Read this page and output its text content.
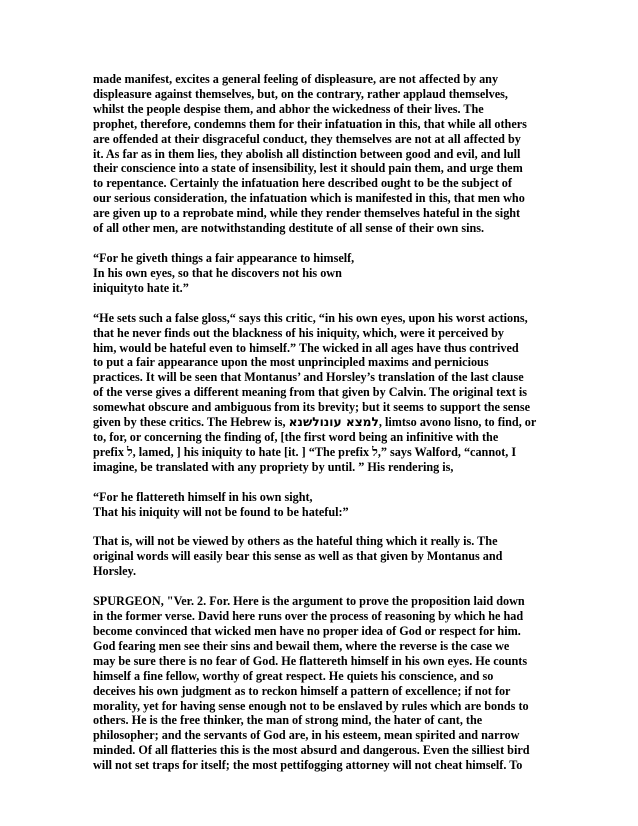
made manifest, excites a general feeling of displeasure, are not affected by any
displeasure against themselves, but, on the contrary, rather applaud themselves,
whilst the people despise them, and abhor the wickedness of their lives. The
prophet, therefore, condemns them for their infatuation in this, that while all others
are offended at their disgraceful conduct, they themselves are not at all affected by
it. As far as in them lies, they abolish all distinction between good and evil, and lull
their conscience into a state of insensibility, lest it should pain them, and urge them
to repentance. Certainly the infatuation here described ought to be the subject of
our serious consideration, the infatuation which is manifested in this, that men who
are given up to a reprobate mind, while they render themselves hateful in the sight
of all other men, are notwithstanding destitute of all sense of their own sins.
“For he giveth things a fair appearance to himself,
In his own eyes, so that he discovers not his own
iniquityto hate it.”
“He sets such a false gloss,“ says this critic, “in his own eyes, upon his worst actions,
that he never finds out the blackness of his iniquity, which, were it perceived by
him, would be hateful even to himself.” The wicked in all ages have thus contrived
to put a fair appearance upon the most unprincipled maxims and pernicious
practices. It will be seen that Montanus’ and Horsley’s translation of the last clause
of the verse gives a different meaning from that given by Calvin. The original text is
somewhat obscure and ambiguous from its brevity; but it seems to support the sense
given by these critics. The Hebrew is, למצא עונולשנא, limtso avono lisno, to find, or
to, for, or concerning the finding of, [the first word being an infinitive with the
prefix ל, lamed, ] his iniquity to hate [it. ] “The prefix ל,” says Walford, “cannot, I
imagine, be translated with any propriety by until. ” His rendering is,
“For he flattereth himself in his own sight,
That his iniquity will not be found to be hateful:”
That is, will not be viewed by others as the hateful thing which it really is. The
original words will easily bear this sense as well as that given by Montanus and
Horsley.
SPURGEON, "Ver. 2. For. Here is the argument to prove the proposition laid down
in the former verse. David here runs over the process of reasoning by which he had
become convinced that wicked men have no proper idea of God or respect for him.
God fearing men see their sins and bewail them, where the reverse is the case we
may be sure there is no fear of God. He flattereth himself in his own eyes. He counts
himself a fine fellow, worthy of great respect. He quiets his conscience, and so
deceives his own judgment as to reckon himself a pattern of excellence; if not for
morality, yet for having sense enough not to be enslaved by rules which are bonds to
others. He is the free thinker, the man of strong mind, the hater of cant, the
philosopher; and the servants of God are, in his esteem, mean spirited and narrow
minded. Of all flatteries this is the most absurd and dangerous. Even the silliest bird
will not set traps for itself; the most pettifogging attorney will not cheat himself. To
